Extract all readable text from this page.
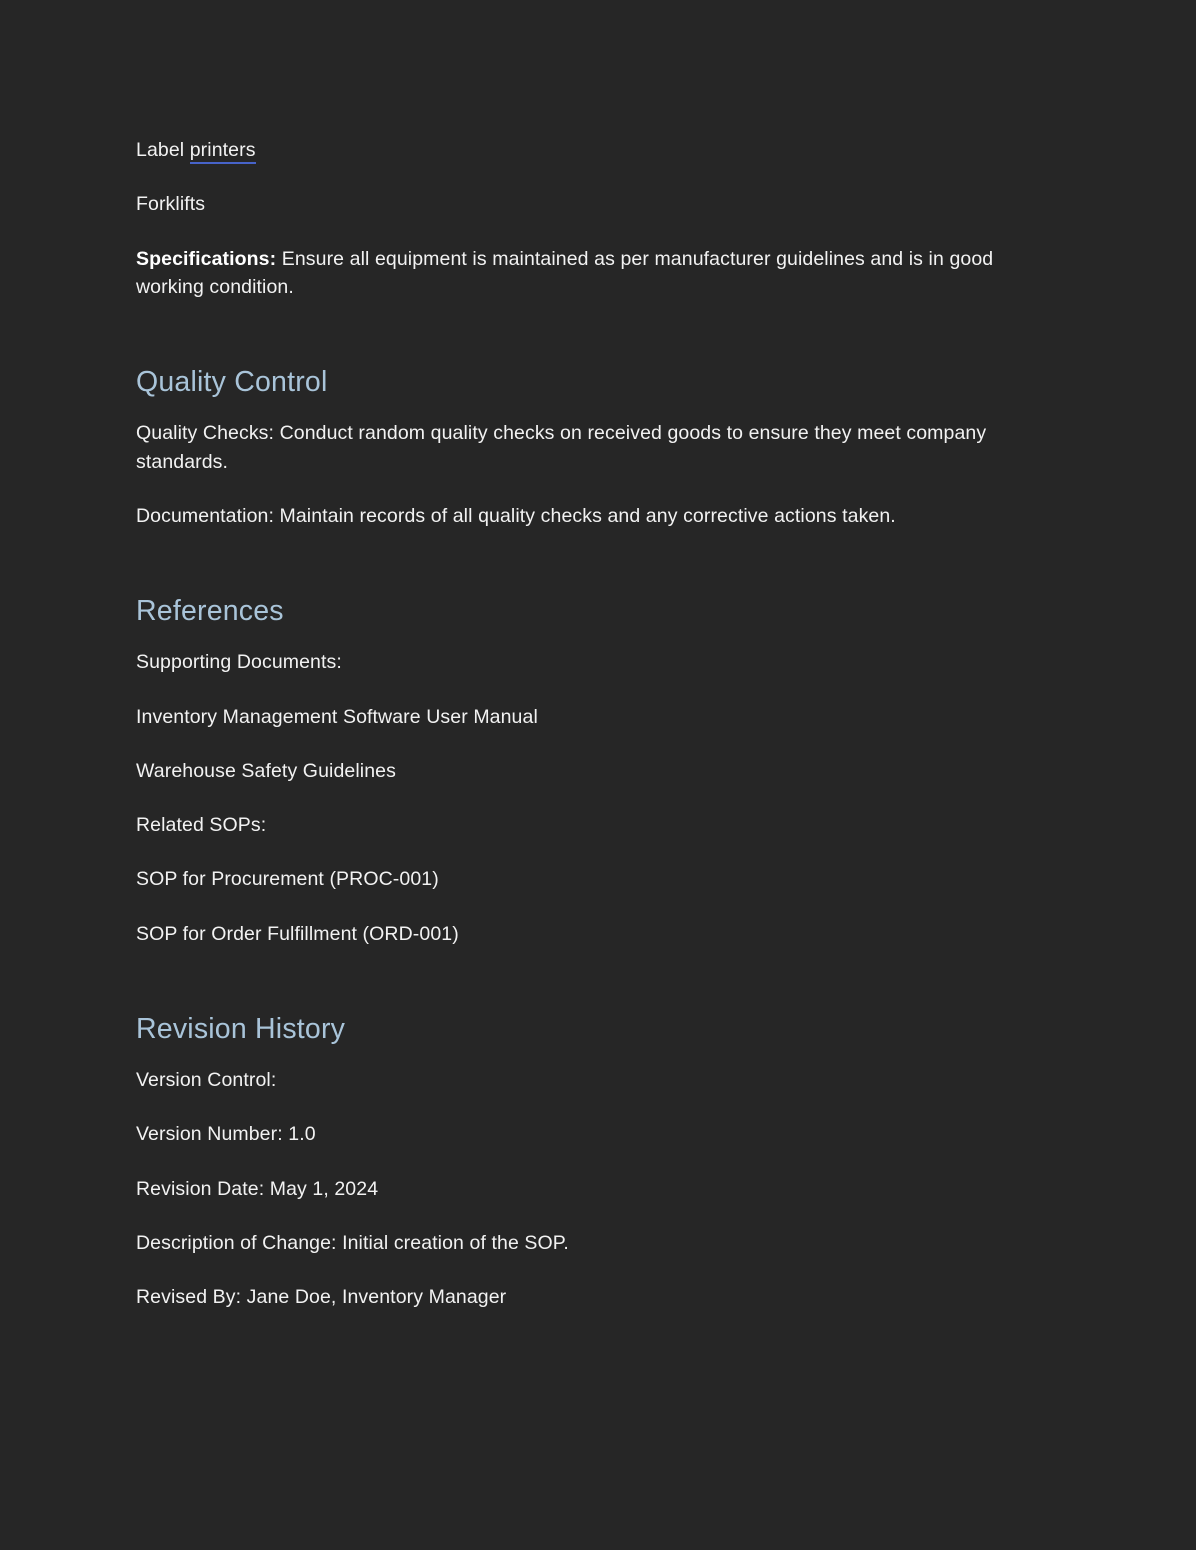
Label printers

Forklifts

Specifications: Ensure all equipment is maintained as per manufacturer guidelines and is in good working condition.

Quality Control

Quality Checks: Conduct random quality checks on received goods to ensure they meet company standards.

Documentation: Maintain records of all quality checks and any corrective actions taken.

References

Supporting Documents:

Inventory Management Software User Manual

Warehouse Safety Guidelines

Related SOPs:

SOP for Procurement (PROC-001)

SOP for Order Fulfillment (ORD-001)

Revision History

Version Control:

Version Number: 1.0

Revision Date: May 1, 2024

Description of Change: Initial creation of the SOP.

Revised By: Jane Doe, Inventory Manager
